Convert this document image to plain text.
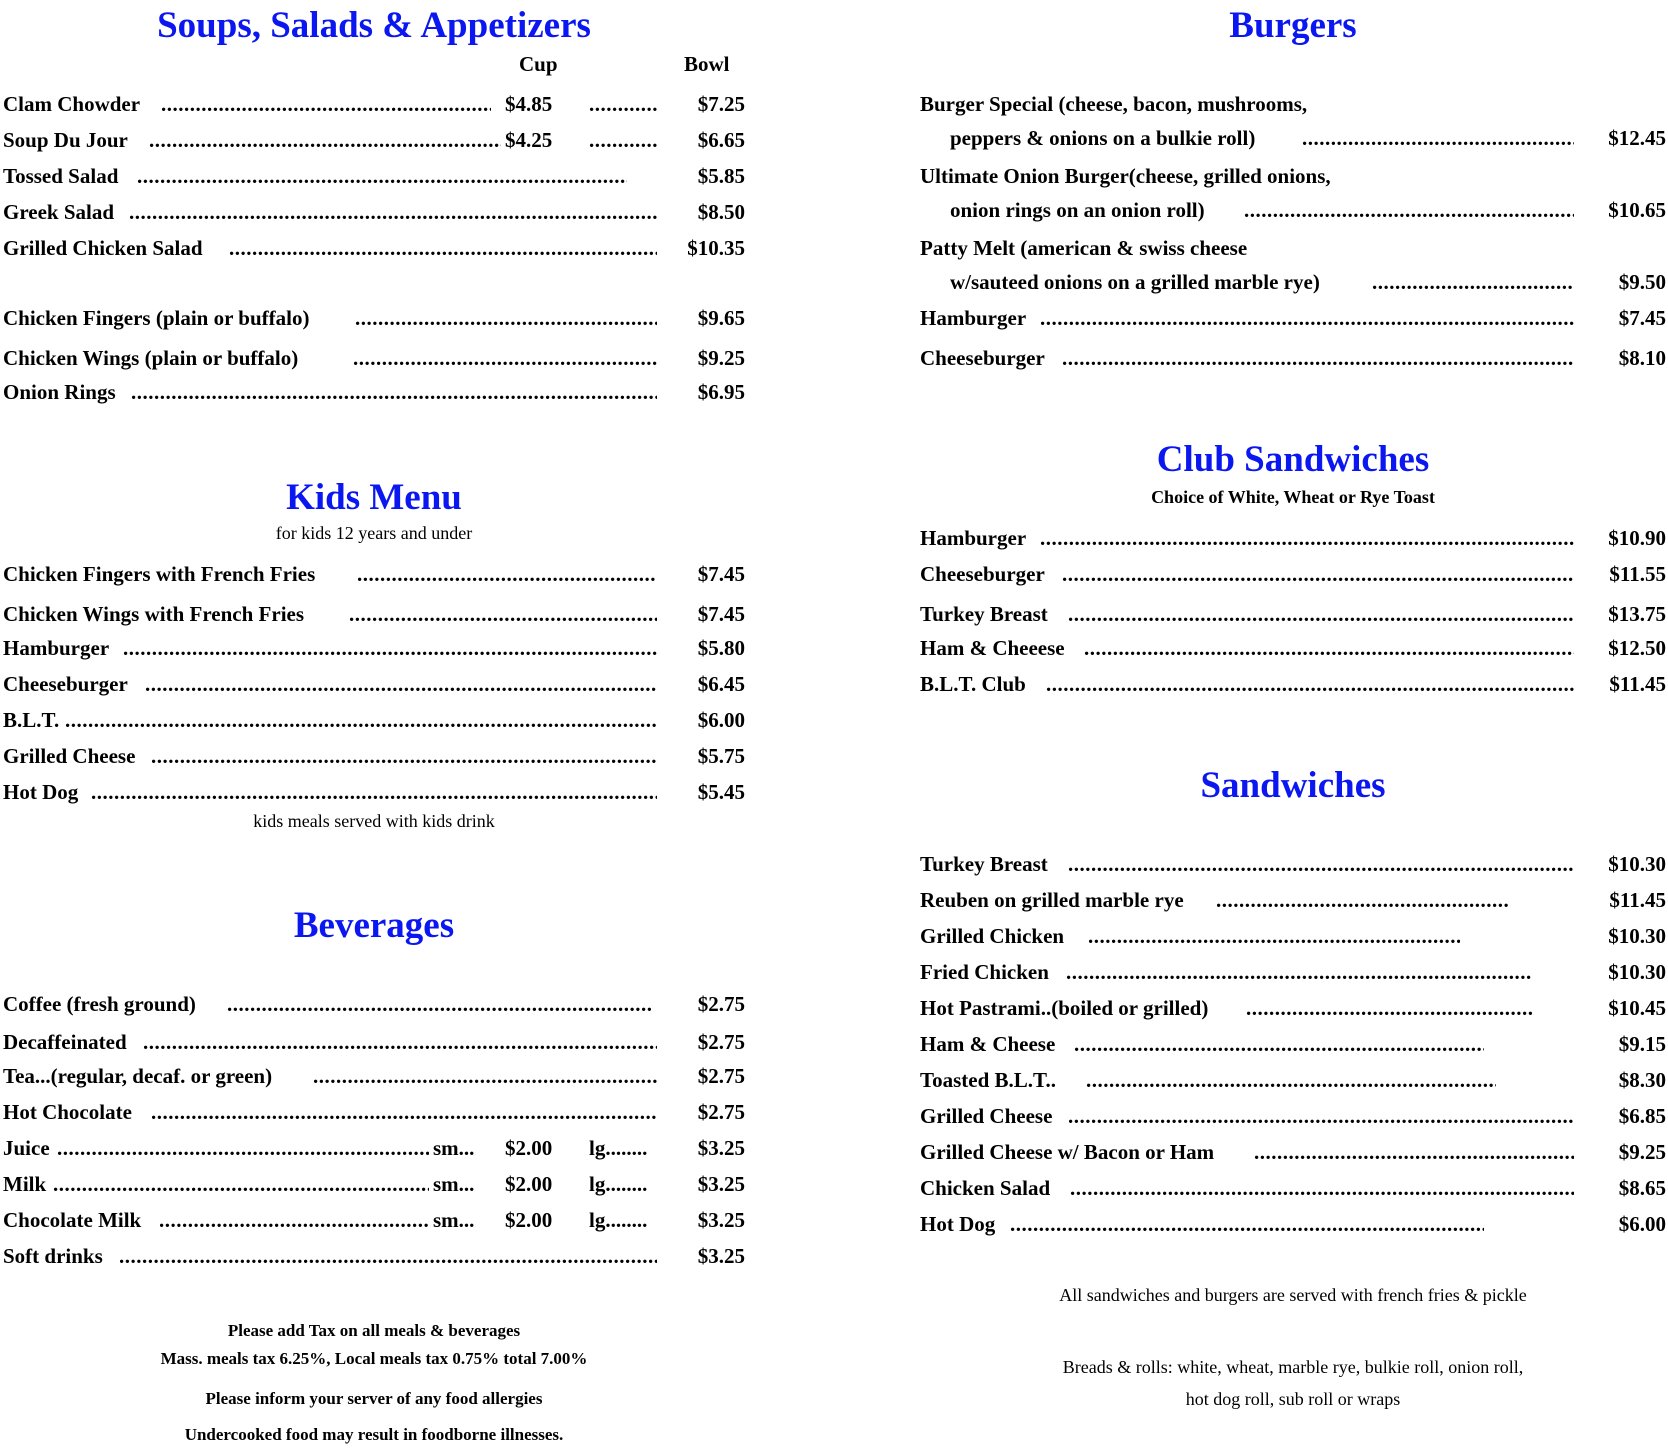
Soups, Salads & Appetizers
Cup	Bowl
Clam Chowder .....	$4.85 .....	$7.25
Soup Du Jour .....	$4.25 .....	$6.65
Tossed Salad .....	$5.85
Greek Salad .....	$8.50
Grilled Chicken Salad .....	$10.35
Chicken Fingers (plain or buffalo) .....	$9.65
Chicken Wings (plain or buffalo) .....	$9.25
Onion Rings .....	$6.95
Kids Menu
for kids 12 years and under
Chicken Fingers with French Fries .....	$7.45
Chicken Wings with French Fries .....	$7.45
Hamburger .....	$5.80
Cheeseburger .....	$6.45
B.L.T. .....	$6.00
Grilled Cheese .....	$5.75
Hot Dog .....	$5.45
kids meals served with kids drink
Beverages
Coffee (fresh ground) .....	$2.75
Decaffeinated .....	$2.75
Tea...(regular, decaf. or green) .....	$2.75
Hot Chocolate .....	$2.75
Juice .....	sm... $2.00 lg........ $3.25
Milk .....	sm... $2.00 lg........ $3.25
Chocolate Milk .....	sm... $2.00 lg........ $3.25
Soft drinks .....	$3.25
Please add Tax on all meals & beverages
Mass. meals tax 6.25%, Local meals tax 0.75% total 7.00%
Please inform your server of any food allergies
Undercooked food may result in foodborne illnesses.
Burgers
Burger Special (cheese, bacon, mushrooms,
peppers & onions on a bulkie roll) .....	$12.45
Ultimate Onion Burger(cheese, grilled onions,
onion rings on an onion roll) .....	$10.65
Patty Melt (american & swiss cheese
w/sauteed onions on a grilled marble rye) .....	$9.50
Hamburger .....	$7.45
Cheeseburger .....	$8.10
Club Sandwiches
Choice of White, Wheat or Rye Toast
Hamburger .....	$10.90
Cheeseburger .....	$11.55
Turkey Breast .....	$13.75
Ham & Cheeese .....	$12.50
B.L.T. Club .....	$11.45
Sandwiches
Turkey Breast .....	$10.30
Reuben on grilled marble rye .....	$11.45
Grilled Chicken .....	$10.30
Fried Chicken .....	$10.30
Hot Pastrami..(boiled or grilled) .....	$10.45
Ham & Cheese .....	$9.15
Toasted B.L.T.. .....	$8.30
Grilled Cheese .....	$6.85
Grilled Cheese w/ Bacon or Ham .....	$9.25
Chicken Salad .....	$8.65
Hot Dog .....	$6.00
All sandwiches and burgers are served with french fries & pickle
Breads & rolls: white, wheat, marble rye, bulkie roll, onion roll,
hot dog roll, sub roll or wraps
